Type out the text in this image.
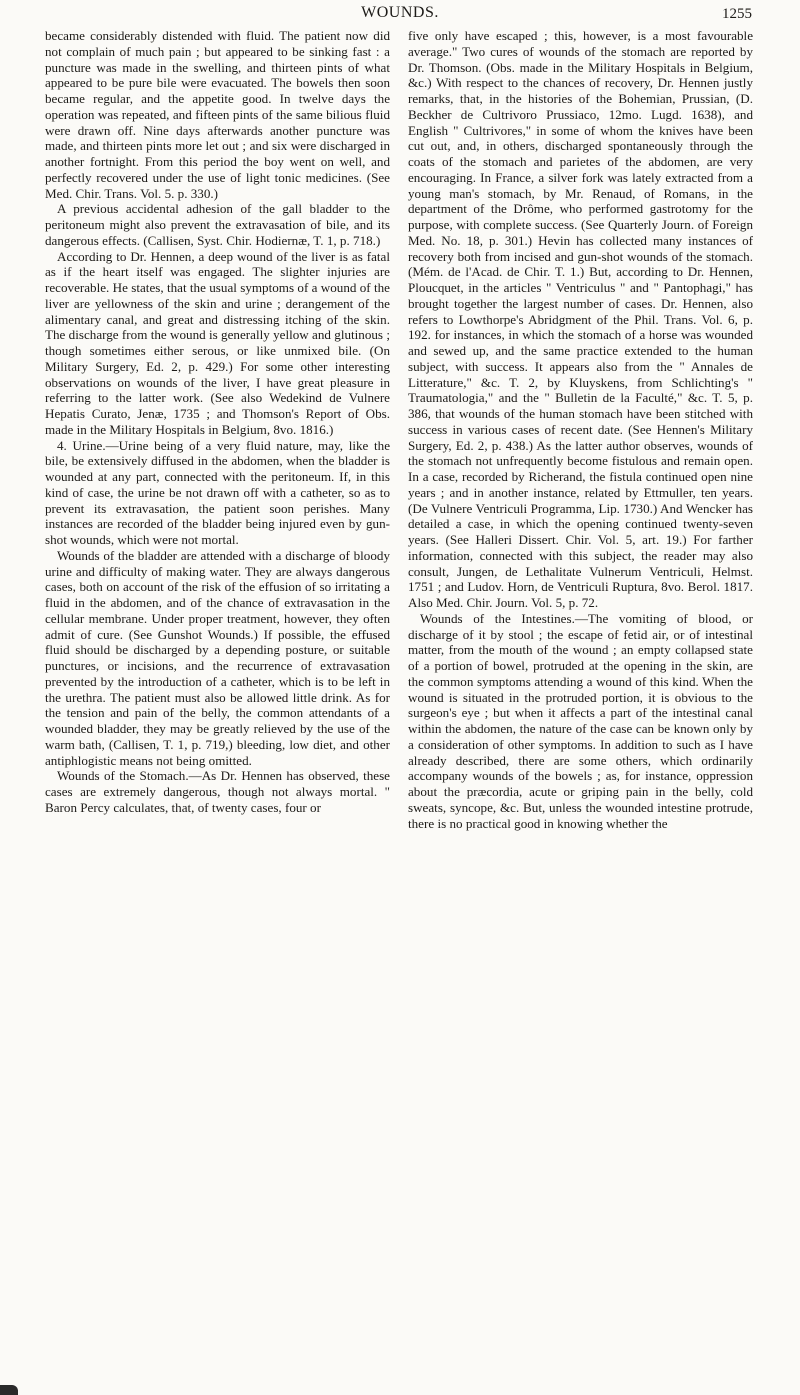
WOUNDS.	1255

became considerably distended with fluid. The patient now did not complain of much pain ; but appeared to be sinking fast : a puncture was made in the swelling, and thirteen pints of what appeared to be pure bile were evacuated. The bowels then soon became regular, and the appetite good. In twelve days the operation was repeated, and fifteen pints of the same bilious fluid were drawn off. Nine days afterwards another puncture was made, and thirteen pints more let out ; and six were discharged in another fortnight. From this period the boy went on well, and perfectly recovered under the use of light tonic medicines. (See Med. Chir. Trans. Vol. 5. p. 330.)

A previous accidental adhesion of the gall bladder to the peritoneum might also prevent the extravasation of bile, and its dangerous effects. (Callisen, Syst. Chir. Hodiernæ, T. 1, p. 718.)

According to Dr. Hennen, a deep wound of the liver is as fatal as if the heart itself was engaged. The slighter injuries are recoverable. He states, that the usual symptoms of a wound of the liver are yellowness of the skin and urine ; derangement of the alimentary canal, and great and distressing itching of the skin. The discharge from the wound is generally yellow and glutinous ; though sometimes either serous, or like unmixed bile. (On Military Surgery, Ed. 2, p. 429.) For some other interesting observations on wounds of the liver, I have great pleasure in referring to the latter work. (See also Wedekind de Vulnere Hepatis Curato, Jenæ, 1735 ; and Thomson's Report of Obs. made in the Military Hospitals in Belgium, 8vo. 1816.)

4. Urine.—Urine being of a very fluid nature, may, like the bile, be extensively diffused in the abdomen, when the bladder is wounded at any part, connected with the peritoneum. If, in this kind of case, the urine be not drawn off with a catheter, so as to prevent its extravasation, the patient soon perishes. Many instances are recorded of the bladder being injured even by gun-shot wounds, which were not mortal.

Wounds of the bladder are attended with a discharge of bloody urine and difficulty of making water. They are always dangerous cases, both on account of the risk of the effusion of so irritating a fluid in the abdomen, and of the chance of extravasation in the cellular membrane. Under proper treatment, however, they often admit of cure. (See Gunshot Wounds.) If possible, the effused fluid should be discharged by a depending posture, or suitable punctures, or incisions, and the recurrence of extravasation prevented by the introduction of a catheter, which is to be left in the urethra. The patient must also be allowed little drink. As for the tension and pain of the belly, the common attendants of a wounded bladder, they may be greatly relieved by the use of the warm bath, (Callisen, T. 1, p. 719,) bleeding, low diet, and other antiphlogistic means not being omitted.

Wounds of the Stomach.—As Dr. Hennen has observed, these cases are extremely dangerous, though not always mortal. " Baron Percy calculates, that, of twenty cases, four or

five only have escaped ; this, however, is a most favourable average." Two cures of wounds of the stomach are reported by Dr. Thomson. (Obs. made in the Military Hospitals in Belgium, &c.) With respect to the chances of recovery, Dr. Hennen justly remarks, that, in the histories of the Bohemian, Prussian, (D. Beckher de Cultrivoro Prussiaco, 12mo. Lugd. 1638), and English " Cultrivores," in some of whom the knives have been cut out, and, in others, discharged spontaneously through the coats of the stomach and parietes of the abdomen, are very encouraging. In France, a silver fork was lately extracted from a young man's stomach, by Mr. Renaud, of Romans, in the department of the Drôme, who performed gastrotomy for the purpose, with complete success. (See Quarterly Journ. of Foreign Med. No. 18, p. 301.) Hevin has collected many instances of recovery both from incised and gun-shot wounds of the stomach. (Mém. de l'Acad. de Chir. T. 1.) But, according to Dr. Hennen, Ploucquet, in the articles " Ventriculus " and " Pantophagi," has brought together the largest number of cases. Dr. Hennen, also refers to Lowthorpe's Abridgment of the Phil. Trans. Vol. 6, p. 192. for instances, in which the stomach of a horse was wounded and sewed up, and the same practice extended to the human subject, with success. It appears also from the " Annales de Litterature," &c. T. 2, by Kluyskens, from Schlichting's " Traumatologia," and the " Bulletin de la Faculté," &c. T. 5, p. 386, that wounds of the human stomach have been stitched with success in various cases of recent date. (See Hennen's Military Surgery, Ed. 2, p. 438.) As the latter author observes, wounds of the stomach not unfrequently become fistulous and remain open. In a case, recorded by Richerand, the fistula continued open nine years ; and in another instance, related by Ettmuller, ten years. (De Vulnere Ventriculi Programma, Lip. 1730.) And Wencker has detailed a case, in which the opening continued twenty-seven years. (See Halleri Dissert. Chir. Vol. 5, art. 19.) For farther information, connected with this subject, the reader may also consult, Jungen, de Lethalitate Vulnerum Ventriculi, Helmst. 1751 ; and Ludov. Horn, de Ventriculi Ruptura, 8vo. Berol. 1817. Also Med. Chir. Journ. Vol. 5, p. 72.

Wounds of the Intestines.—The vomiting of blood, or discharge of it by stool ; the escape of fetid air, or of intestinal matter, from the mouth of the wound ; an empty collapsed state of a portion of bowel, protruded at the opening in the skin, are the common symptoms attending a wound of this kind. When the wound is situated in the protruded portion, it is obvious to the surgeon's eye ; but when it affects a part of the intestinal canal within the abdomen, the nature of the case can be known only by a consideration of other symptoms. In addition to such as I have already described, there are some others, which ordinarily accompany wounds of the bowels ; as, for instance, oppression about the præcordia, acute or griping pain in the belly, cold sweats, syncope, &c. But, unless the wounded intestine protrude, there is no practical good in knowing whether the
